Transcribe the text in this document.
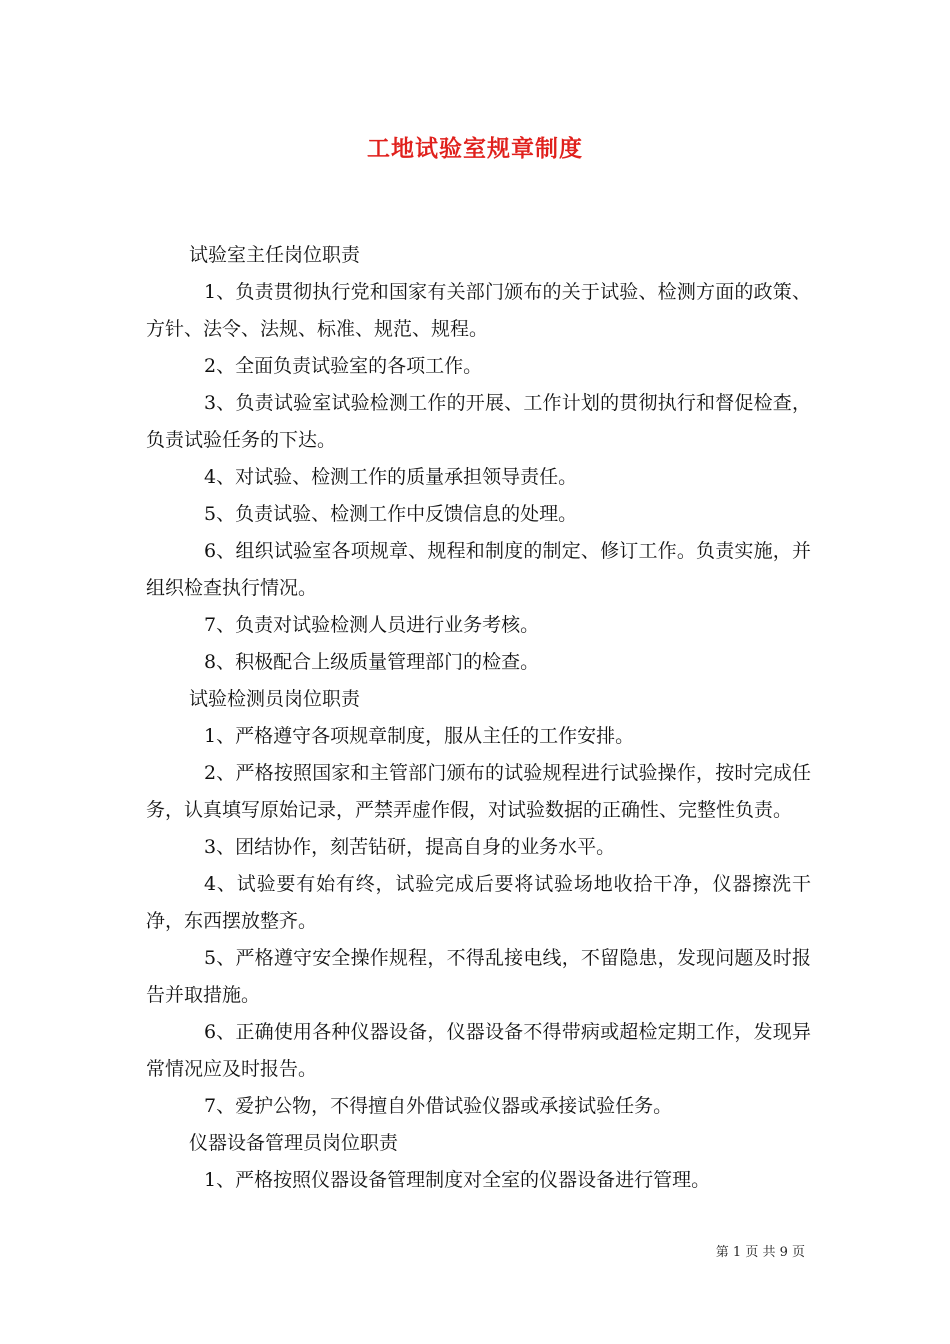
工地试验室规章制度

试验室主任岗位职责

1、负责贯彻执行党和国家有关部门颁布的关于试验、检测方面的政策、方针、法令、法规、标准、规范、规程。

2、全面负责试验室的各项工作。

3、负责试验室试验检测工作的开展、工作计划的贯彻执行和督促检查，负责试验任务的下达。

4、对试验、检测工作的质量承担领导责任。

5、负责试验、检测工作中反馈信息的处理。

6、组织试验室各项规章、规程和制度的制定、修订工作。负责实施，并组织检查执行情况。

7、负责对试验检测人员进行业务考核。

8、积极配合上级质量管理部门的检查。

试验检测员岗位职责

1、严格遵守各项规章制度，服从主任的工作安排。

2、严格按照国家和主管部门颁布的试验规程进行试验操作，按时完成任务，认真填写原始记录，严禁弄虚作假，对试验数据的正确性、完整性负责。

3、团结协作，刻苦钻研，提高自身的业务水平。

4、试验要有始有终，试验完成后要将试验场地收拾干净，仪器擦洗干净，东西摆放整齐。

5、严格遵守安全操作规程，不得乱接电线，不留隐患，发现问题及时报告并取措施。

6、正确使用各种仪器设备，仪器设备不得带病或超检定期工作，发现异常情况应及时报告。

7、爱护公物，不得擅自外借试验仪器或承接试验任务。

仪器设备管理员岗位职责

1、严格按照仪器设备管理制度对全室的仪器设备进行管理。

第 1 页 共 9 页
